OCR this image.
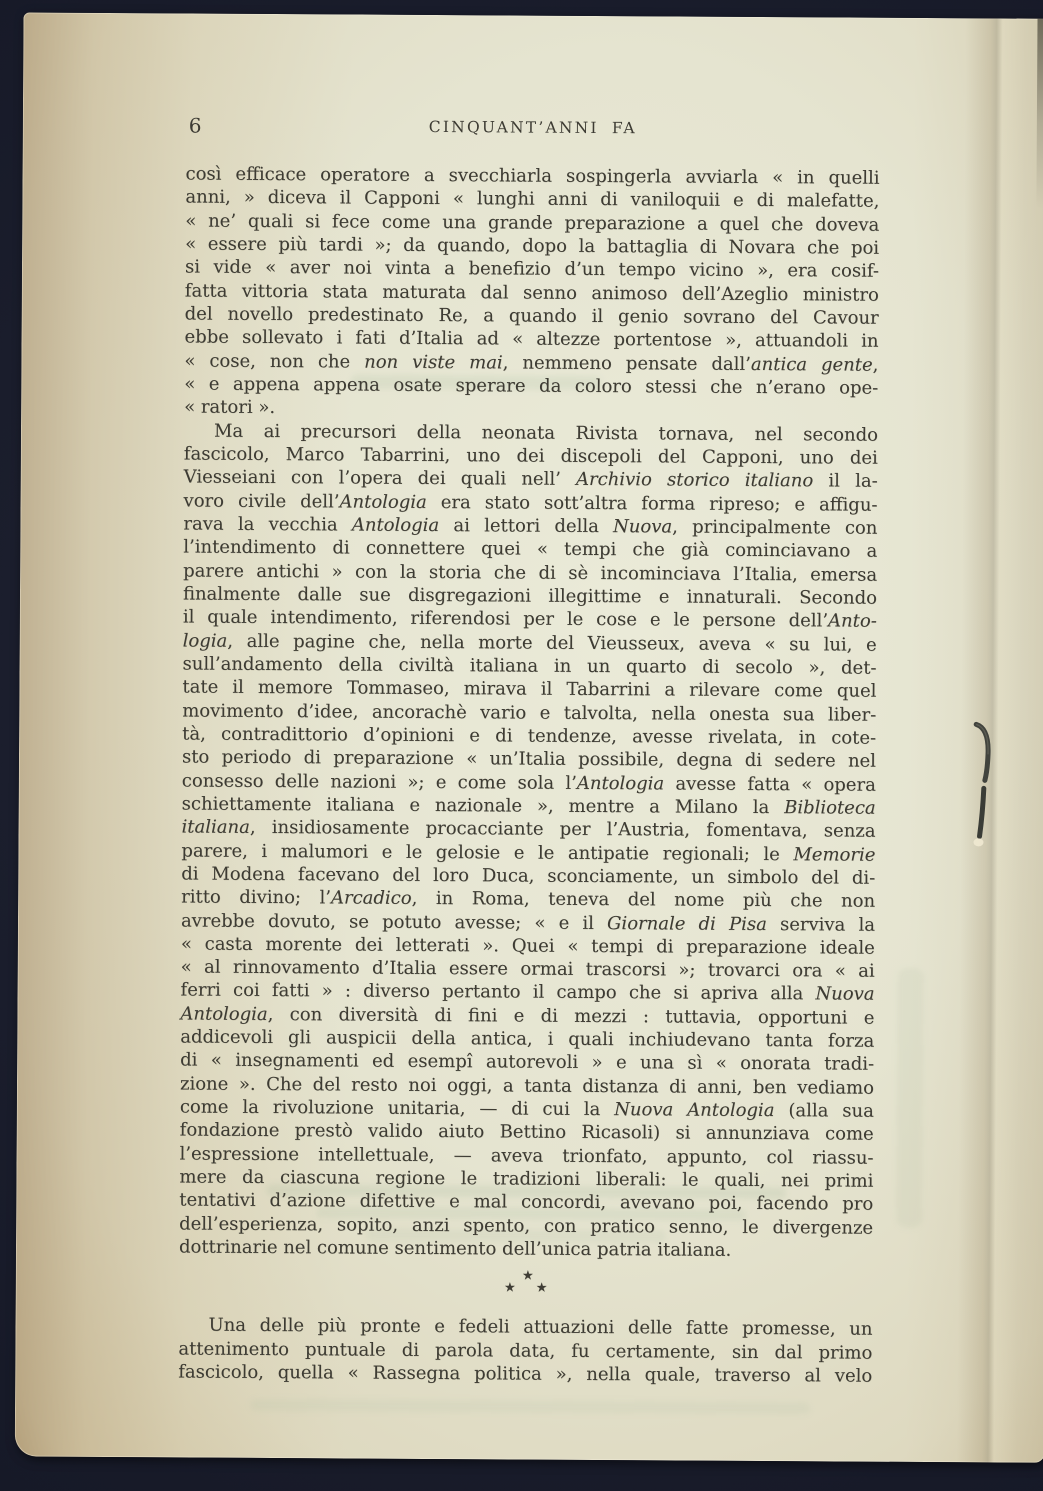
6	CINQUANT’ANNI FA
così efficace operatore a svecchiarla sospingerla avviarla « in quelli
anni, » diceva il Capponi « lunghi anni di vaniloquii e di malefatte,
« ne’ quali si fece come una grande preparazione a quel che doveva
« essere più tardi »; da quando, dopo la battaglia di Novara che poi
si vide « aver noi vinta a benefizio d’un tempo vicino », era cosif-
fatta vittoria stata maturata dal senno animoso dell’Azeglio ministro
del novello predestinato Re, a quando il genio sovrano del Cavour
ebbe sollevato i fati d’Italia ad « altezze portentose », attuandoli in
« cose, non che non viste mai, nemmeno pensate dall’antica gente,
« e appena appena osate sperare da coloro stessi che n’erano ope-
« ratori ».
Ma ai precursori della neonata Rivista tornava, nel secondo
fascicolo, Marco Tabarrini, uno dei discepoli del Capponi, uno dei
Viesseiani con l’opera dei quali nell’ Archivio storico italiano il la-
voro civile dell’Antologia era stato sott’altra forma ripreso; e affigu-
rava la vecchia Antologia ai lettori della Nuova, principalmente con
l’intendimento di connettere quei « tempi che già cominciavano a
parere antichi » con la storia che di sè incominciava l’Italia, emersa
finalmente dalle sue disgregazioni illegittime e innaturali. Secondo
il quale intendimento, riferendosi per le cose e le persone dell’Anto-
logia, alle pagine che, nella morte del Vieusseux, aveva « su lui, e
sull’andamento della civiltà italiana in un quarto di secolo », det-
tate il memore Tommaseo, mirava il Tabarrini a rilevare come quel
movimento d’idee, ancorachè vario e talvolta, nella onesta sua liber-
tà, contradittorio d’opinioni e di tendenze, avesse rivelata, in cote-
sto periodo di preparazione « un’Italia possibile, degna di sedere nel
consesso delle nazioni »; e come sola l’Antologia avesse fatta « opera
schiettamente italiana e nazionale », mentre a Milano la Biblioteca
italiana, insidiosamente procacciante per l’Austria, fomentava, senza
parere, i malumori e le gelosie e le antipatie regionali; le Memorie
di Modena facevano del loro Duca, sconciamente, un simbolo del di-
ritto divino; l’Arcadico, in Roma, teneva del nome più che non
avrebbe dovuto, se potuto avesse; « e il Giornale di Pisa serviva la
« casta morente dei letterati ». Quei « tempi di preparazione ideale
« al rinnovamento d’Italia essere ormai trascorsi »; trovarci ora « ai
ferri coi fatti » : diverso pertanto il campo che si apriva alla Nuova
Antologia, con diversità di fini e di mezzi : tuttavia, opportuni e
addicevoli gli auspicii della antica, i quali inchiudevano tanta forza
di « insegnamenti ed esempî autorevoli » e una sì « onorata tradi-
zione ». Che del resto noi oggi, a tanta distanza di anni, ben vediamo
come la rivoluzione unitaria, — di cui la Nuova Antologia (alla sua
fondazione prestò valido aiuto Bettino Ricasoli) si annunziava come
l’espressione intellettuale, — aveva trionfato, appunto, col riassu-
mere da ciascuna regione le tradizioni liberali: le quali, nei primi
tentativi d’azione difettive e mal concordi, avevano poi, facendo pro
dell’esperienza, sopito, anzi spento, con pratico senno, le divergenze
dottrinarie nel comune sentimento dell’unica patria italiana.
★
★ ★
Una delle più pronte e fedeli attuazioni delle fatte promesse, un
attenimento puntuale di parola data, fu certamente, sin dal primo
fascicolo, quella « Rassegna politica », nella quale, traverso al velo
